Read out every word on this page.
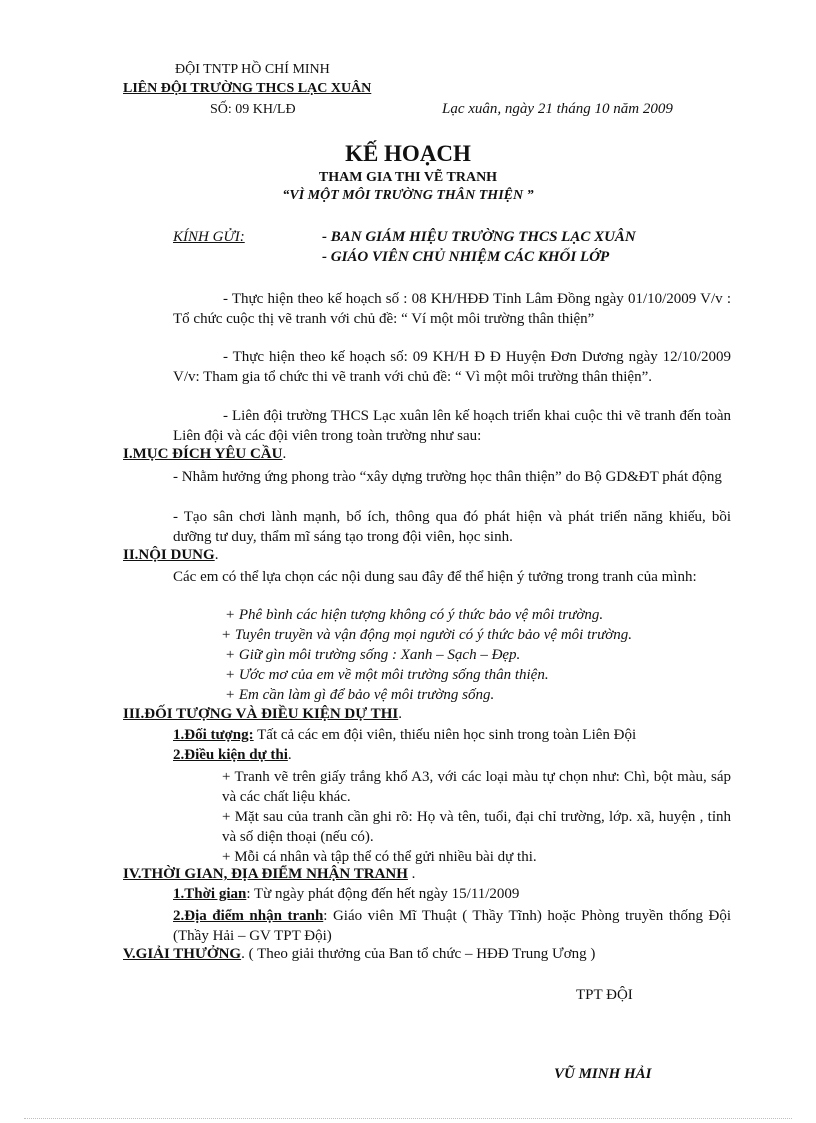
ĐỘI TNTP HỒ CHÍ MINH
LIÊN ĐỘI TRƯỜNG THCS LẠC XUÂN
SỐ: 09 KH/LĐ	Lạc xuân, ngày 21 tháng 10 năm 2009
KẾ HOẠCH
THAM GIA THI VẼ TRANH
“VÌ MỘT MÔI TRƯỜNG THÂN THIỆN ”
KÍNH GỬI:	- BAN GIÁM HIỆU TRƯỜNG THCS LẠC XUÂN
- GIÁO VIÊN CHỦ NHIỆM CÁC KHỐI LỚP
- Thực hiện theo kế hoạch số : 08 KH/HĐĐ Tỉnh Lâm Đồng ngày 01/10/2009 V/v : Tổ chức cuộc thị vẽ tranh với chủ đề: “ Ví một môi trường thân thiện”
- Thực hiện theo kế hoạch số: 09 KH/H Đ Đ Huyện Đơn Dương ngày 12/10/2009 V/v: Tham gia tổ chức thi vẽ tranh với chủ đề: “ Vì một môi trường thân thiện”.
- Liên đội trường THCS Lạc xuân lên kế hoạch triển khai cuộc thi vẽ tranh đến toàn Liên đội và các đội viên trong toàn trường như sau:
I.MỤC ĐÍCH YÊU CẦU.
- Nhằm hưởng ứng phong trào “xây dựng trường học thân thiện” do Bộ GD&ĐT phát động
- Tạo sân chơi lành mạnh, bổ ích, thông qua đó phát hiện và phát triển năng khiếu, bồi dưỡng tư duy, thẩm mĩ sáng tạo trong đội viên, học sinh.
II.NỘI DUNG.
Các em có thể lựa chọn các nội dung sau đây để thể hiện ý tưởng trong tranh của mình:
+ Phê bình các hiện tượng không có ý thức bảo vệ môi trường.
+ Tuyên truyền và vận động mọi người có ý thức bảo vệ môi trường.
+ Giữ gìn môi trường sống : Xanh – Sạch – Đẹp.
+ Ước mơ của em về một môi trường sống thân thiện.
+ Em cần làm gì để bảo vệ môi trường sống.
III.ĐỐI TƯỢNG VÀ ĐIỀU KIỆN DỰ THI.
1.Đối tượng: Tất cả các em đội viên, thiếu niên học sinh trong toàn Liên Đội
2.Điều kiện dự thi.
+ Tranh vẽ trên giấy trắng khổ A3, với các loại màu tự chọn như: Chì, bột màu, sáp và các chất liệu khác.
+ Mặt sau của tranh cần ghi rõ: Họ và tên, tuổi, đại chỉ trường, lớp. xã, huyện , tỉnh và số diện thoại (nếu có).
+ Mỗi cá nhân và tập thể có thể gửi nhiều bài dự thi.
IV.THỜI GIAN, ĐỊA ĐIỂM NHẬN TRANH .
1.Thời gian: Từ ngày phát động đến hết ngày 15/11/2009
2.Địa điểm nhận tranh: Giáo viên Mĩ Thuật ( Thầy Tĩnh) hoặc Phòng truyền thống Đội (Thầy Hải – GV TPT Đội)
V.GIẢI THƯỞNG. ( Theo giải thưởng của Ban tổ chức – HĐĐ Trung Ương )
TPT ĐỘI
VŨ MINH HẢI
